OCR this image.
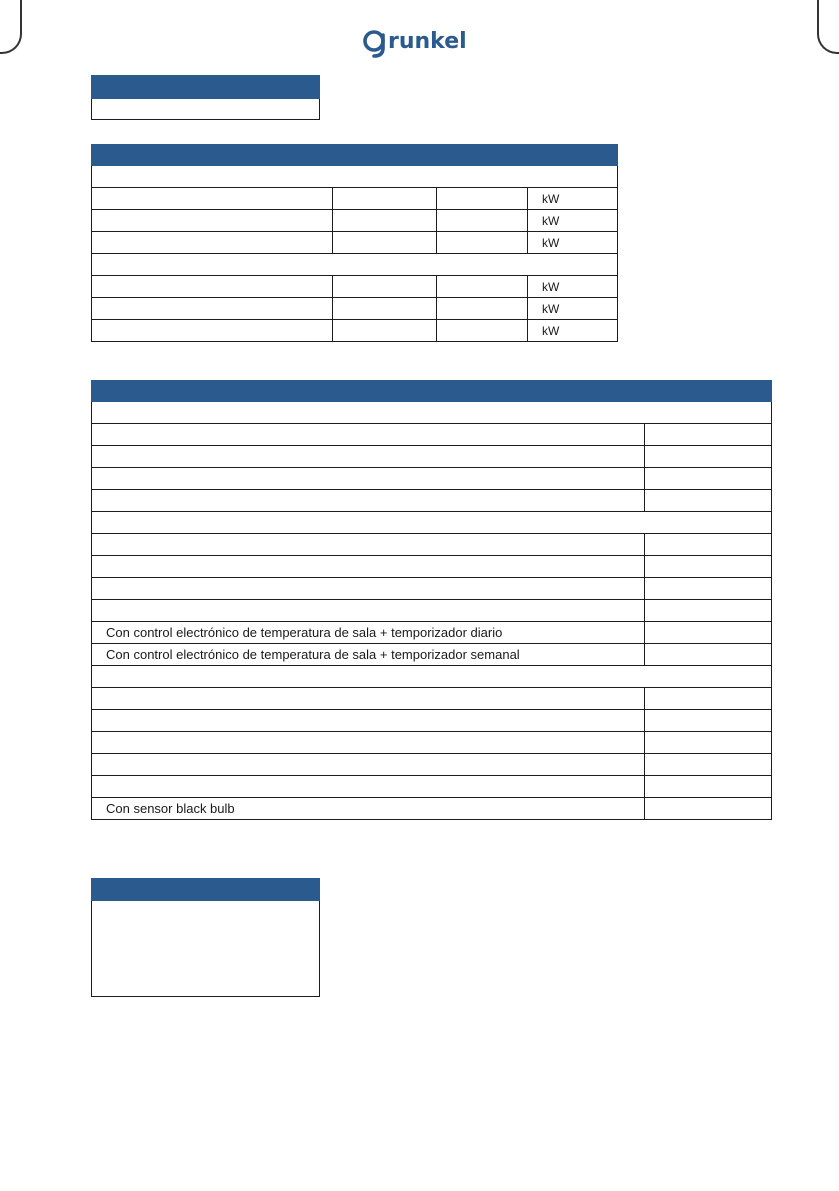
runkel

			kW
			kW
			kW

			kW
			kW
			kW

Con control electrónico de temperatura de sala + temporizador diario	
Con control electrónico de temperatura de sala + temporizador semanal	

Con sensor black bulb	
